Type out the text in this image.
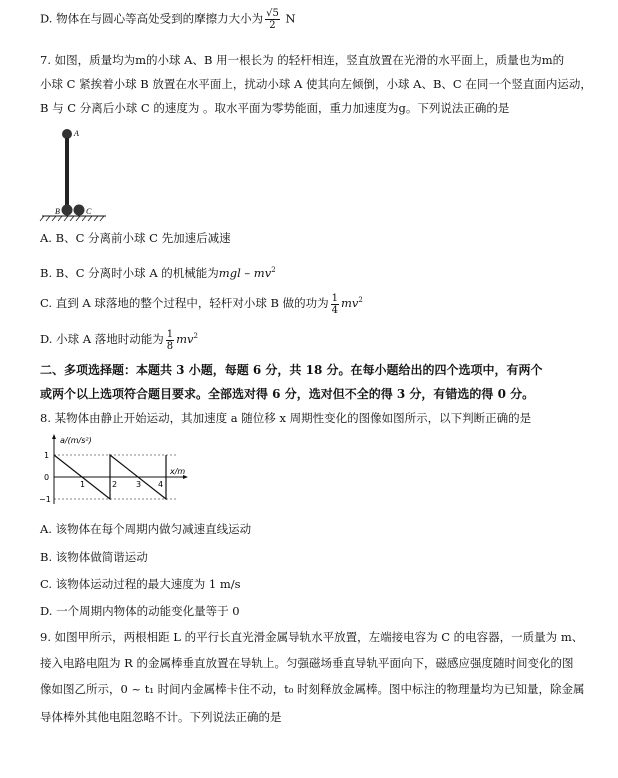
D. 物体在与圆心等高处受到的摩擦力大小为 $\frac{√5}{2}$ N
7. 如图，质量均为m的小球 A、B 用一根长为 的轻杆相连，竖直放置在光滑的水平面上，质量也为m的
小球 C 紧挨着小球 B 放置在水平面上，扰动小球 A 使其向左倾倒，小球 A、B、C 在同一个竖直面内运动，
B 与 C 分离后小球 C 的速度为 。取水平面为零势能面，重力加速度为g。下列说法正确的是
A
B	C
A. B、C 分离前小球 C 先加速后减速
B. B、C 分离时小球 A 的机械能为mgl – $mv^2$
C. 直到 A 球落地的整个过程中，轻杆对小球 B 做的功为 $\frac{1}{4} mv^2$
D. 小球 A 落地时动能为 $\frac{1}{8} mv^2$
二、多项选择题：本题共 3 小题，每题 6 分，共 18 分。在每小题给出的四个选项中，有两个
或两个以上选项符合题目要求。全部选对得 6 分，选对但不全的得 3 分，有错选的得 0 分。
8. 某物体由静止开始运动，其加速度 a 随位移 x 周期性变化的图像如图所示，以下判断正确的是
a/(m/s²)
x/m
1
0
−1
1	2 3 4
A. 该物体在每个周期内做匀减速直线运动
B. 该物体做简谐运动
C. 该物体运动过程的最大速度为 1 m/s
D. 一个周期内物体的动能变化量等于 0
9. 如图甲所示，两根相距 L 的平行长直光滑金属导轨水平放置，左端接电容为 C 的电容器，一质量为 m、
接入电路电阻为 R 的金属棒垂直放置在导轨上。匀强磁场垂直导轨平面向下，磁感应强度随时间变化的图
像如图乙所示，0 ~ t₁ 时间内金属棒卡住不动，t₀ 时刻释放金属棒。图中标注的物理量均为已知量，除金属
导体棒外其他电阻忽略不计。下列说法正确的是
